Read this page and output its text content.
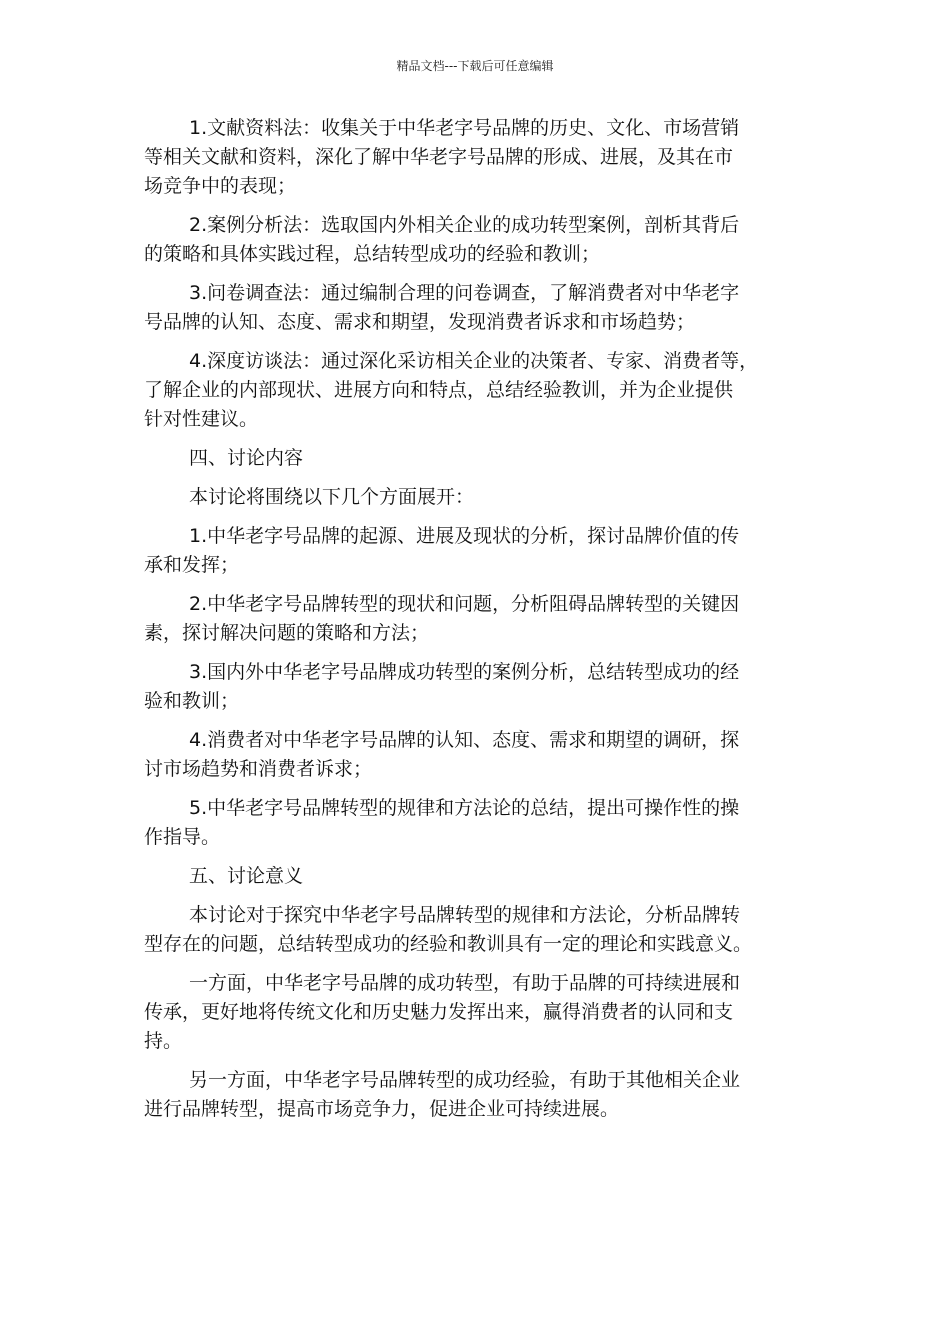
精品文档---下载后可任意编辑
1.文献资料法：收集关于中华老字号品牌的历史、文化、市场营销
等相关文献和资料，深化了解中华老字号品牌的形成、进展，及其在市
场竞争中的表现；
2.案例分析法：选取国内外相关企业的成功转型案例，剖析其背后
的策略和具体实践过程，总结转型成功的经验和教训；
3.问卷调查法：通过编制合理的问卷调查，了解消费者对中华老字
号品牌的认知、态度、需求和期望，发现消费者诉求和市场趋势；
4.深度访谈法：通过深化采访相关企业的决策者、专家、消费者等，
了解企业的内部现状、进展方向和特点，总结经验教训，并为企业提供
针对性建议。
四、讨论内容
本讨论将围绕以下几个方面展开：
1.中华老字号品牌的起源、进展及现状的分析，探讨品牌价值的传
承和发挥；
2.中华老字号品牌转型的现状和问题，分析阻碍品牌转型的关键因
素，探讨解决问题的策略和方法；
3.国内外中华老字号品牌成功转型的案例分析，总结转型成功的经
验和教训；
4.消费者对中华老字号品牌的认知、态度、需求和期望的调研，探
讨市场趋势和消费者诉求；
5.中华老字号品牌转型的规律和方法论的总结，提出可操作性的操
作指导。
五、讨论意义
本讨论对于探究中华老字号品牌转型的规律和方法论，分析品牌转
型存在的问题，总结转型成功的经验和教训具有一定的理论和实践意义。
一方面，中华老字号品牌的成功转型，有助于品牌的可持续进展和
传承，更好地将传统文化和历史魅力发挥出来，赢得消费者的认同和支
持。
另一方面，中华老字号品牌转型的成功经验，有助于其他相关企业
进行品牌转型，提高市场竞争力，促进企业可持续进展。
